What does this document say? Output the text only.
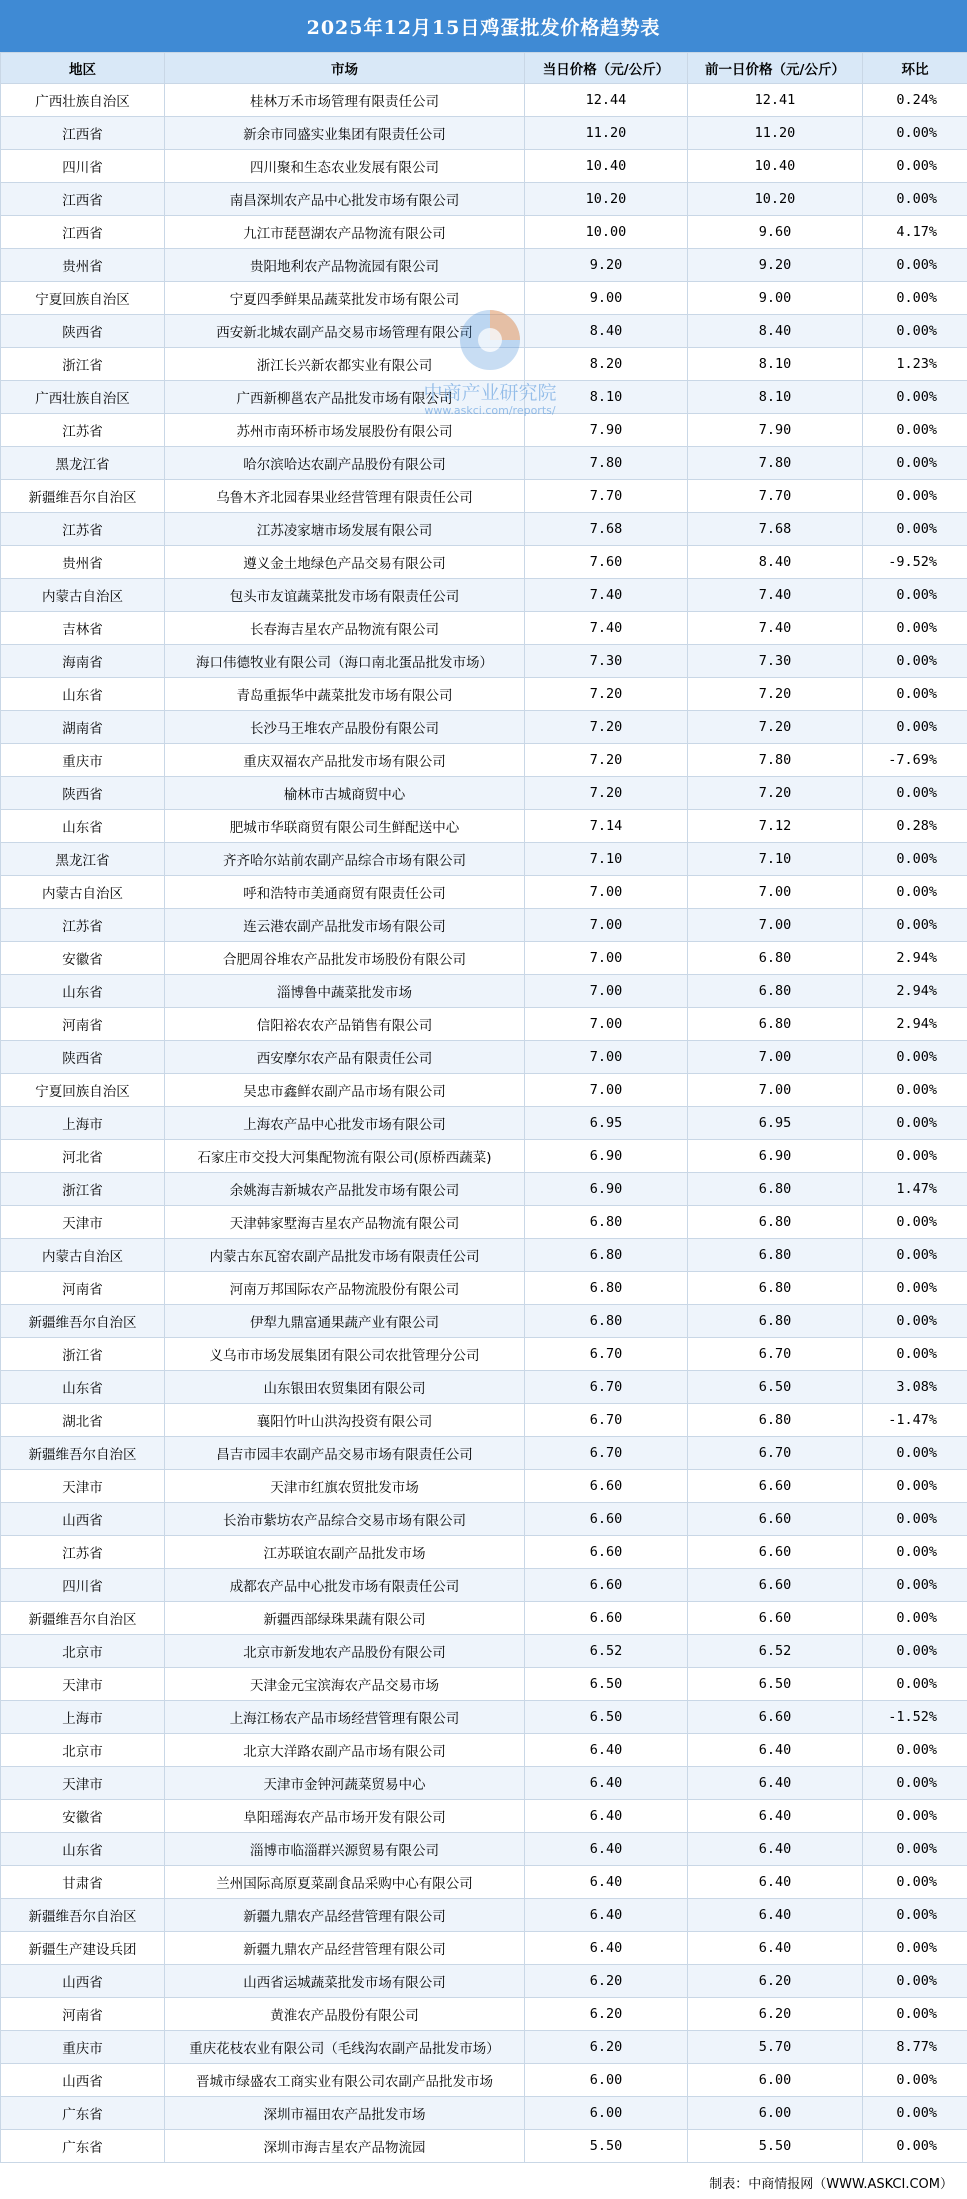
2025年12月15日鸡蛋批发价格趋势表
地区	市场	当日价格（元/公斤）	前一日价格（元/公斤）	环比
广西壮族自治区	桂林万禾市场管理有限责任公司	12.44	12.41	0.24%
江西省	新余市同盛实业集团有限责任公司	11.20	11.20	0.00%
四川省	四川聚和生态农业发展有限公司	10.40	10.40	0.00%
江西省	南昌深圳农产品中心批发市场有限公司	10.20	10.20	0.00%
江西省	九江市琵琶湖农产品物流有限公司	10.00	9.60	4.17%
贵州省	贵阳地利农产品物流园有限公司	9.20	9.20	0.00%
宁夏回族自治区	宁夏四季鲜果品蔬菜批发市场有限公司	9.00	9.00	0.00%
陕西省	西安新北城农副产品交易市场管理有限公司	8.40	8.40	0.00%
浙江省	浙江长兴新农都实业有限公司	8.20	8.10	1.23%
广西壮族自治区	广西新柳邕农产品批发市场有限公司	8.10	8.10	0.00%
江苏省	苏州市南环桥市场发展股份有限公司	7.90	7.90	0.00%
黑龙江省	哈尔滨哈达农副产品股份有限公司	7.80	7.80	0.00%
新疆维吾尔自治区	乌鲁木齐北园春果业经营管理有限责任公司	7.70	7.70	0.00%
江苏省	江苏凌家塘市场发展有限公司	7.68	7.68	0.00%
贵州省	遵义金土地绿色产品交易有限公司	7.60	8.40	-9.52%
内蒙古自治区	包头市友谊蔬菜批发市场有限责任公司	7.40	7.40	0.00%
吉林省	长春海吉星农产品物流有限公司	7.40	7.40	0.00%
海南省	海口伟德牧业有限公司（海口南北蛋品批发市场）	7.30	7.30	0.00%
山东省	青岛重振华中蔬菜批发市场有限公司	7.20	7.20	0.00%
湖南省	长沙马王堆农产品股份有限公司	7.20	7.20	0.00%
重庆市	重庆双福农产品批发市场有限公司	7.20	7.80	-7.69%
陕西省	榆林市古城商贸中心	7.20	7.20	0.00%
山东省	肥城市华联商贸有限公司生鲜配送中心	7.14	7.12	0.28%
黑龙江省	齐齐哈尔站前农副产品综合市场有限公司	7.10	7.10	0.00%
内蒙古自治区	呼和浩特市美通商贸有限责任公司	7.00	7.00	0.00%
江苏省	连云港农副产品批发市场有限公司	7.00	7.00	0.00%
安徽省	合肥周谷堆农产品批发市场股份有限公司	7.00	6.80	2.94%
山东省	淄博鲁中蔬菜批发市场	7.00	6.80	2.94%
河南省	信阳裕农农产品销售有限公司	7.00	6.80	2.94%
陕西省	西安摩尔农产品有限责任公司	7.00	7.00	0.00%
宁夏回族自治区	吴忠市鑫鲜农副产品市场有限公司	7.00	7.00	0.00%
上海市	上海农产品中心批发市场有限公司	6.95	6.95	0.00%
河北省	石家庄市交投大河集配物流有限公司(原桥西蔬菜)	6.90	6.90	0.00%
浙江省	余姚海吉新城农产品批发市场有限公司	6.90	6.80	1.47%
天津市	天津韩家墅海吉星农产品物流有限公司	6.80	6.80	0.00%
内蒙古自治区	内蒙古东瓦窑农副产品批发市场有限责任公司	6.80	6.80	0.00%
河南省	河南万邦国际农产品物流股份有限公司	6.80	6.80	0.00%
新疆维吾尔自治区	伊犁九鼎富通果蔬产业有限公司	6.80	6.80	0.00%
浙江省	义乌市市场发展集团有限公司农批管理分公司	6.70	6.70	0.00%
山东省	山东银田农贸集团有限公司	6.70	6.50	3.08%
湖北省	襄阳竹叶山洪沟投资有限公司	6.70	6.80	-1.47%
新疆维吾尔自治区	昌吉市园丰农副产品交易市场有限责任公司	6.70	6.70	0.00%
天津市	天津市红旗农贸批发市场	6.60	6.60	0.00%
山西省	长治市紫坊农产品综合交易市场有限公司	6.60	6.60	0.00%
江苏省	江苏联谊农副产品批发市场	6.60	6.60	0.00%
四川省	成都农产品中心批发市场有限责任公司	6.60	6.60	0.00%
新疆维吾尔自治区	新疆西部绿珠果蔬有限公司	6.60	6.60	0.00%
北京市	北京市新发地农产品股份有限公司	6.52	6.52	0.00%
天津市	天津金元宝滨海农产品交易市场	6.50	6.50	0.00%
上海市	上海江杨农产品市场经营管理有限公司	6.50	6.60	-1.52%
北京市	北京大洋路农副产品市场有限公司	6.40	6.40	0.00%
天津市	天津市金钟河蔬菜贸易中心	6.40	6.40	0.00%
安徽省	阜阳瑶海农产品市场开发有限公司	6.40	6.40	0.00%
山东省	淄博市临淄群兴源贸易有限公司	6.40	6.40	0.00%
甘肃省	兰州国际高原夏菜副食品采购中心有限公司	6.40	6.40	0.00%
新疆维吾尔自治区	新疆九鼎农产品经营管理有限公司	6.40	6.40	0.00%
新疆生产建设兵团	新疆九鼎农产品经营管理有限公司	6.40	6.40	0.00%
山西省	山西省运城蔬菜批发市场有限公司	6.20	6.20	0.00%
河南省	黄淮农产品股份有限公司	6.20	6.20	0.00%
重庆市	重庆花枝农业有限公司（毛线沟农副产品批发市场）	6.20	5.70	8.77%
山西省	晋城市绿盛农工商实业有限公司农副产品批发市场	6.00	6.00	0.00%
广东省	深圳市福田农产品批发市场	6.00	6.00	0.00%
广东省	深圳市海吉星农产品物流园	5.50	5.50	0.00%
中商产业研究院
www.askci.com/reports/
制表：中商情报网（WWW.ASKCI.COM）
